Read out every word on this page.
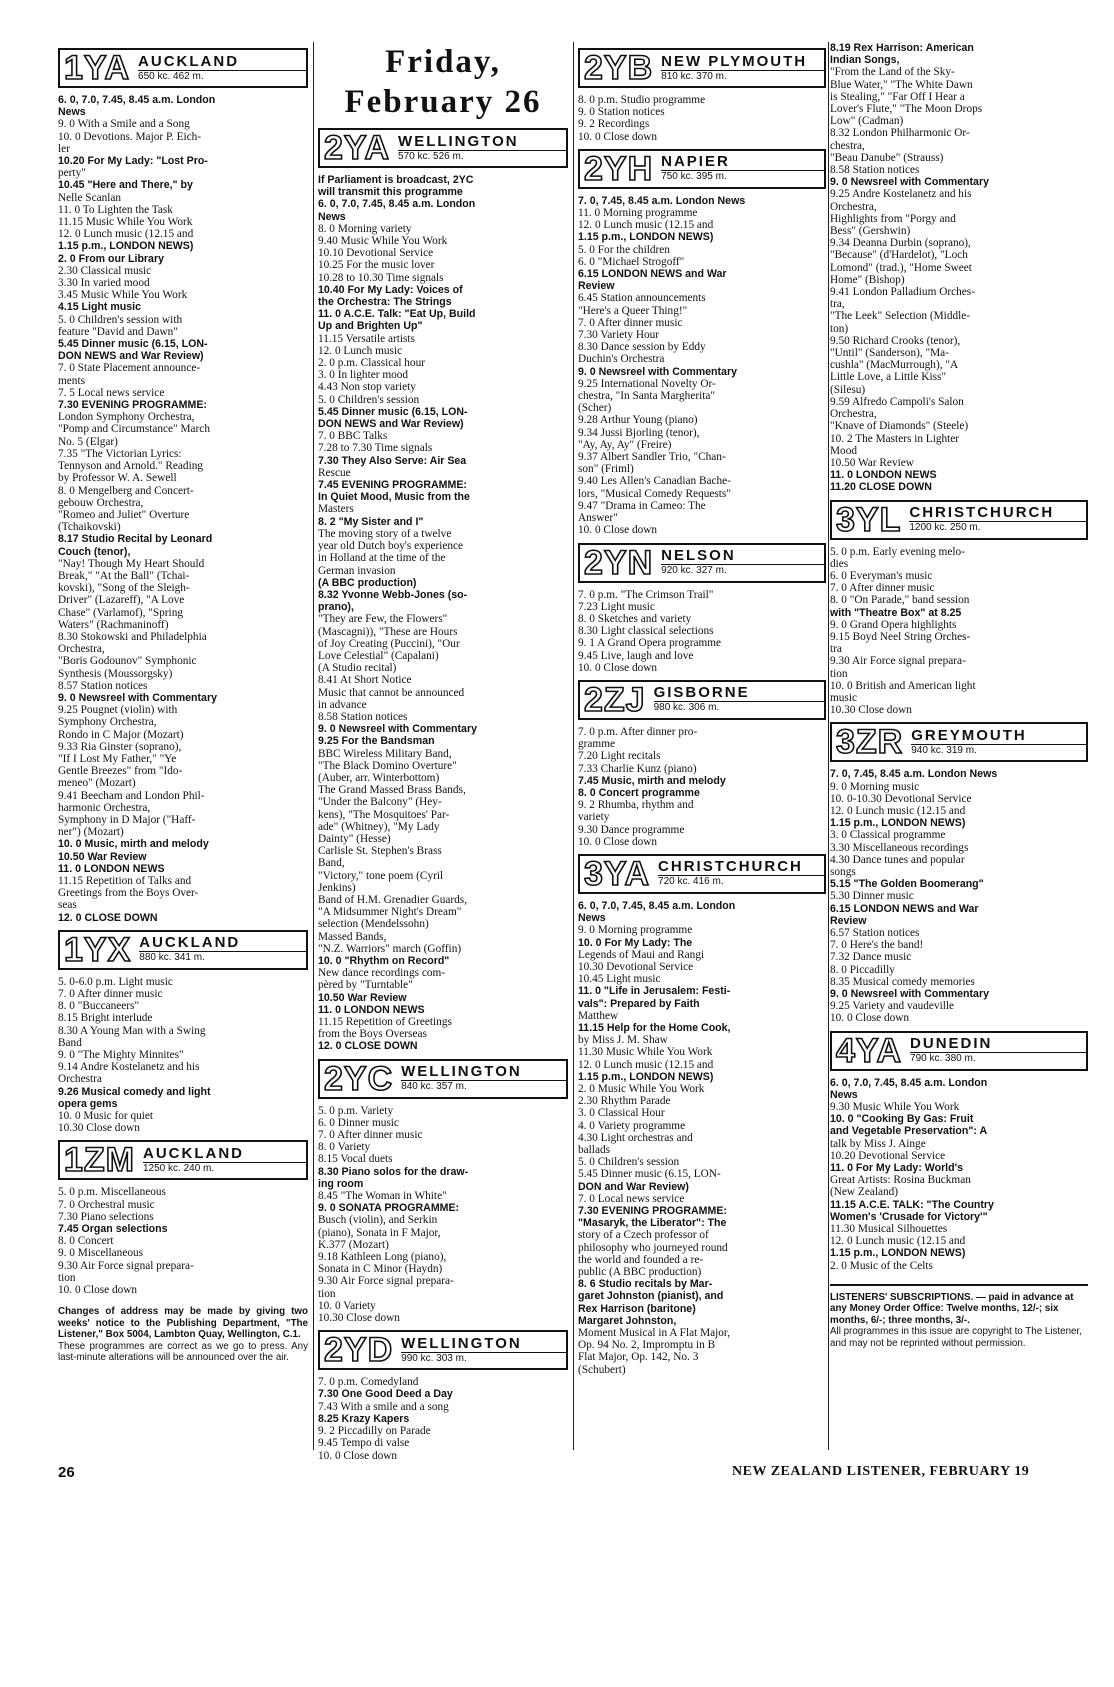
1YA AUCKLAND
650 kc. 462 m.
6. 0, 7.0, 7.45, 8.45 a.m. London
News
9. 0 With a Smile and a Song
10. 0 Devotions. Major P. Eich-
ler
10.20 For My Lady: "Lost Pro-
perty"
10.45 "Here and There," by
Nelle Scanlan
11. 0 To Lighten the Task
11.15 Music While You Work
12. 0 Lunch music (12.15 and
1.15 p.m., LONDON NEWS)
2. 0 From our Library
2.30 Classical music
3.30 In varied mood
3.45 Music While You Work
4.15 Light music
5. 0 Children's session with
feature "David and Dawn"
5.45 Dinner music (6.15, LON-
DON NEWS and War Review)
7. 0 State Placement announce-
ments
7. 5 Local news service
7.30 EVENING PROGRAMME:
London Symphony Orchestra,
"Pomp and Circumstance" March
No. 5 (Elgar)
7.35 "The Victorian Lyrics:
Tennyson and Arnold." Reading
by Professor W. A. Sewell
8. 0 Mengelberg and Concert-
gebouw Orchestra,
"Romeo and Juliet" Overture
(Tchaikovski)
8.17 Studio Recital by Leonard
Couch (tenor),
"Nay! Though My Heart Should
Break," "At the Ball" (Tchai-
kovski), "Song of the Sleigh-
Driver" (Lazareff), "A Love
Chase" (Varlamof), "Spring
Waters" (Rachmaninoff)
8.30 Stokowski and Philadelphia
Orchestra,
"Boris Godounov" Symphonic
Synthesis (Moussorgsky)
8.57 Station notices
9. 0 Newsreel with Commentary
9.25 Pougnet (violin) with
Symphony Orchestra,
Rondo in C Major (Mozart)
9.33 Ria Ginster (soprano),
"If I Lost My Father," "Ye
Gentle Breezes" from "Ido-
meneo" (Mozart)
9.41 Beecham and London Phil-
harmonic Orchestra,
Symphony in D Major ("Haff-
ner") (Mozart)
10. 0 Music, mirth and melody
10.50 War Review
11. 0 LONDON NEWS
11.15 Repetition of Talks and
Greetings from the Boys Over-
seas
12. 0 CLOSE DOWN
1YX AUCKLAND
880 kc. 341 m.
5. 0-6.0 p.m. Light music
7. 0 After dinner music
8. 0 "Buccaneers"
8.15 Bright interlude
8.30 A Young Man with a Swing
Band
9. 0 "The Mighty Minnites"
9.14 Andre Kostelanetz and his
Orchestra
9.26 Musical comedy and light
opera gems
10. 0 Music for quiet
10.30 Close down
1ZM AUCKLAND
1250 kc. 240 m.
5. 0 p.m. Miscellaneous
7. 0 Orchestral music
7.30 Piano selections
7.45 Organ selections
8. 0 Concert
9. 0 Miscellaneous
9.30 Air Force signal prepara-
tion
10. 0 Close down
Changes of address may be made by giving two weeks' notice to the Publishing Department, "The Listener," Box 5004, Lambton Quay, Wellington, C.1.
These programmes are correct as we go to press. Any last-minute alterations will be announced over the air.
Friday, February 26
2YA WELLINGTON
570 kc. 526 m.
If Parliament is broadcast, 2YC
will transmit this programme
6. 0, 7.0, 7.45, 8.45 a.m. London
News
8. 0 Morning variety
9.40 Music While You Work
10.10 Devotional Service
10.25 For the music lover
10.28 to 10.30 Time signals
10.40 For My Lady: Voices of
the Orchestra: The Strings
11. 0 A.C.E. Talk: "Eat Up, Build
Up and Brighten Up"
11.15 Versatile artists
12. 0 Lunch music
2. 0 p.m. Classical hour
3. 0 In lighter mood
4.43 Non stop variety
5. 0 Children's session
5.45 Dinner music (6.15, LON-
DON NEWS and War Review)
7. 0 BBC Talks
7.28 to 7.30 Time signals
7.30 They Also Serve: Air Sea
Rescue
7.45 EVENING PROGRAMME:
In Quiet Mood, Music from the
Masters
8. 2 "My Sister and I"
The moving story of a twelve
year old Dutch boy's experience
in Holland at the time of the
German invasion
(A BBC production)
8.32 Yvonne Webb-Jones (so-
prano),
"They are Few, the Flowers"
(Mascagni)), "These are Hours
of Joy Creating (Puccini), "Our
Love Celestial" (Capalani)
(A Studio recital)
8.41 At Short Notice
Music that cannot be announced
in advance
8.58 Station notices
9. 0 Newsreel with Commentary
9.25 For the Bandsman
BBC Wireless Military Band,
"The Black Domino Overture"
(Auber, arr. Winterbottom)
The Grand Massed Brass Bands,
"Under the Balcony" (Hey-
kens), "The Mosquitoes' Par-
ade" (Whitney), "My Lady
Dainty" (Hesse)
Carlisle St. Stephen's Brass
Band,
"Victory," tone poem (Cyril
Jenkins)
Band of H.M. Grenadier Guards,
"A Midsummer Night's Dream"
selection (Mendelssohn)
Massed Bands,
"N.Z. Warriors" march (Goffin)
10. 0 "Rhythm on Record"
New dance recordings com-
pèred by "Turntable"
10.50 War Review
11. 0 LONDON NEWS
11.15 Repetition of Greetings
from the Boys Overseas
12. 0 CLOSE DOWN
2YC WELLINGTON
840 kc. 357 m.
5. 0 p.m. Variety
6. 0 Dinner music
7. 0 After dinner music
8. 0 Variety
8.15 Vocal duets
8.30 Piano solos for the draw-
ing room
8.45 "The Woman in White"
9. 0 SONATA PROGRAMME:
Busch (violin), and Serkin
(piano), Sonata in F Major,
K.377 (Mozart)
9.18 Kathleen Long (piano),
Sonata in C Minor (Haydn)
9.30 Air Force signal prepara-
tion
10. 0 Variety
10.30 Close down
2YD WELLINGTON
990 kc. 303 m.
7. 0 p.m. Comedyland
7.30 One Good Deed a Day
7.43 With a smile and a song
8.25 Krazy Kapers
9. 2 Piccadilly on Parade
9.45 Tempo di valse
10. 0 Close down
2YB NEW PLYMOUTH
810 kc. 370 m.
8. 0 p.m. Studio programme
9. 0 Station notices
9. 2 Recordings
10. 0 Close down
2YH NAPIER
750 kc. 395 m.
7. 0, 7.45, 8.45 a.m. London News
11. 0 Morning programme
12. 0 Lunch music (12.15 and
1.15 p.m., LONDON NEWS)
5. 0 For the children
6. 0 "Michael Strogoff"
6.15 LONDON NEWS and War
Review
6.45 Station announcements
"Here's a Queer Thing!"
7. 0 After dinner music
7.30 Variety Hour
8.30 Dance session by Eddy
Duchin's Orchestra
9. 0 Newsreel with Commentary
9.25 International Novelty Or-
chestra, "In Santa Margherita"
(Scher)
9.28 Arthur Young (piano)
9.34 Jussi Bjorling (tenor),
"Ay, Ay, Ay" (Freire)
9.37 Albert Sandler Trio, "Chan-
son" (Friml)
9.40 Les Allen's Canadian Bache-
lors, "Musical Comedy Requests"
9.47 "Drama in Cameo: The
Answer"
10. 0 Close down
2YN NELSON
920 kc. 327 m.
7. 0 p.m. "The Crimson Trail"
7.23 Light music
8. 0 Sketches and variety
8.30 Light classical selections
9. 1 A Grand Opera programme
9.45 Live, laugh and love
10. 0 Close down
2ZJ GISBORNE
980 kc. 306 m.
7. 0 p.m. After dinner pro-
gramme
7.20 Light recitals
7.33 Charlie Kunz (piano)
7.45 Music, mirth and melody
8. 0 Concert programme
9. 2 Rhumba, rhythm and
variety
9.30 Dance programme
10. 0 Close down
3YA CHRISTCHURCH
720 kc. 416 m.
6. 0, 7.0, 7.45, 8.45 a.m. London
News
9. 0 Morning programme
10. 0 For My Lady: The
Legends of Maui and Rangi
10.30 Devotional Service
10.45 Light music
11. 0 "Life in Jerusalem: Festi-
vals": Prepared by Faith
Matthew
11.15 Help for the Home Cook,
by Miss J. M. Shaw
11.30 Music While You Work
12. 0 Lunch music (12.15 and
1.15 p.m., LONDON NEWS)
2. 0 Music While You Work
2.30 Rhythm Parade
3. 0 Classical Hour
4. 0 Variety programme
4.30 Light orchestras and
ballads
5. 0 Children's session
5.45 Dinner music (6.15, LON-
DON and War Review)
7. 0 Local news service
7.30 EVENING PROGRAMME:
"Masaryk, the Liberator": The
story of a Czech professor of
philosophy who journeyed round
the world and founded a re-
public (A BBC production)
8. 6 Studio recitals by Mar-
garet Johnston (pianist), and
Rex Harrison (baritone)
Margaret Johnston,
Moment Musical in A Flat Major,
Op. 94 No. 2, Impromptu in B
Flat Major, Op. 142, No. 3
(Schubert)
8.19 Rex Harrison: American
Indian Songs,
"From the Land of the Sky-
Blue Water," "The White Dawn
is Stealing," "Far Off I Hear a
Lover's Flute," "The Moon Drops
Low" (Cadman)
8.32 London Philharmonic Or-
chestra,
"Beau Danube" (Strauss)
8.58 Station notices
9. 0 Newsreel with Commentary
9.25 Andre Kostelanetz and his
Orchestra,
Highlights from "Porgy and
Bess" (Gershwin)
9.34 Deanna Durbin (soprano),
"Because" (d'Hardelot), "Loch
Lomond" (trad.), "Home Sweet
Home" (Bishop)
9.41 London Palladium Orches-
tra,
"The Leek" Selection (Middle-
ton)
9.50 Richard Crooks (tenor),
"Until" (Sanderson), "Ma-
cushla" (MacMurrough), "A
Little Love, a Little Kiss"
(Silesu)
9.59 Alfredo Campoli's Salon
Orchestra,
"Knave of Diamonds" (Steele)
10. 2 The Masters in Lighter
Mood
10.50 War Review
11. 0 LONDON NEWS
11.20 CLOSE DOWN
3YL CHRISTCHURCH
1200 kc. 250 m.
5. 0 p.m. Early evening melo-
dies
6. 0 Everyman's music
7. 0 After dinner music
8. 0 "On Parade," band session
with "Theatre Box" at 8.25
9. 0 Grand Opera highlights
9.15 Boyd Neel String Orches-
tra
9.30 Air Force signal prepara-
tion
10. 0 British and American light
music
10.30 Close down
3ZR GREYMOUTH
940 kc. 319 m.
7. 0, 7.45, 8.45 a.m. London News
9. 0 Morning music
10. 0-10.30 Devotional Service
12. 0 Lunch music (12.15 and
1.15 p.m., LONDON NEWS)
3. 0 Classical programme
3.30 Miscellaneous recordings
4.30 Dance tunes and popular
songs
5.15 "The Golden Boomerang"
5.30 Dinner music
6.15 LONDON NEWS and War
Review
6.57 Station notices
7. 0 Here's the band!
7.32 Dance music
8. 0 Piccadilly
8.35 Musical comedy memories
9. 0 Newsreel with Commentary
9.25 Variety and vaudeville
10. 0 Close down
4YA DUNEDIN
790 kc. 380 m.
6. 0, 7.0, 7.45, 8.45 a.m. London
News
9.30 Music While You Work
10. 0 "Cooking By Gas: Fruit
and Vegetable Preservation": A
talk by Miss J. Ainge
10.20 Devotional Service
11. 0 For My Lady: World's
Great Artists: Rosina Buckman
(New Zealand)
11.15 A.C.E. TALK: "The Country
Women's 'Crusade for Victory'"
11.30 Musical Silhouettes
12. 0 Lunch music (12.15 and
1.15 p.m., LONDON NEWS)
2. 0 Music of the Celts
LISTENERS' SUBSCRIPTIONS. — paid in advance at any Money Order Office: Twelve months, 12/-; six months, 6/-; three months, 3/-.
All programmes in this issue are copyright to The Listener, and may not be reprinted without permission.
26	NEW ZEALAND LISTENER, FEBRUARY 19
